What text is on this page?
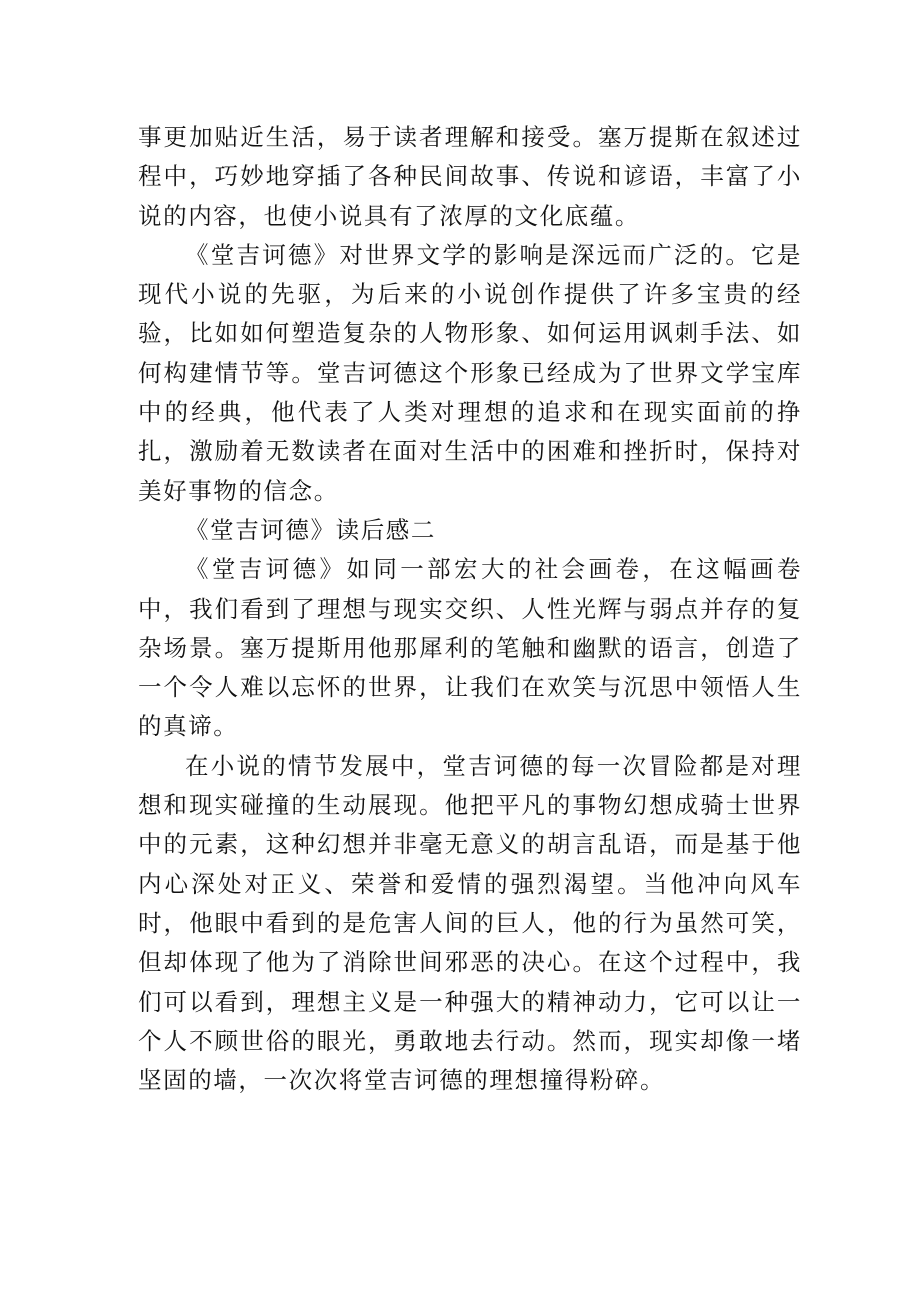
事更加贴近生活，易于读者理解和接受。塞万提斯在叙述过程中，巧妙地穿插了各种民间故事、传说和谚语，丰富了小说的内容，也使小说具有了浓厚的文化底蕴。

《堂吉诃德》对世界文学的影响是深远而广泛的。它是现代小说的先驱，为后来的小说创作提供了许多宝贵的经验，比如如何塑造复杂的人物形象、如何运用讽刺手法、如何构建情节等。堂吉诃德这个形象已经成为了世界文学宝库中的经典，他代表了人类对理想的追求和在现实面前的挣扎，激励着无数读者在面对生活中的困难和挫折时，保持对美好事物的信念。

《堂吉诃德》读后感二

《堂吉诃德》如同一部宏大的社会画卷，在这幅画卷中，我们看到了理想与现实交织、人性光辉与弱点并存的复杂场景。塞万提斯用他那犀利的笔触和幽默的语言，创造了一个令人难以忘怀的世界，让我们在欢笑与沉思中领悟人生的真谛。

在小说的情节发展中，堂吉诃德的每一次冒险都是对理想和现实碰撞的生动展现。他把平凡的事物幻想成骑士世界中的元素，这种幻想并非毫无意义的胡言乱语，而是基于他内心深处对正义、荣誉和爱情的强烈渴望。当他冲向风车时，他眼中看到的是危害人间的巨人，他的行为虽然可笑，但却体现了他为了消除世间邪恶的决心。在这个过程中，我们可以看到，理想主义是一种强大的精神动力，它可以让一个人不顾世俗的眼光，勇敢地去行动。然而，现实却像一堵坚固的墙，一次次将堂吉诃德的理想撞得粉碎。
